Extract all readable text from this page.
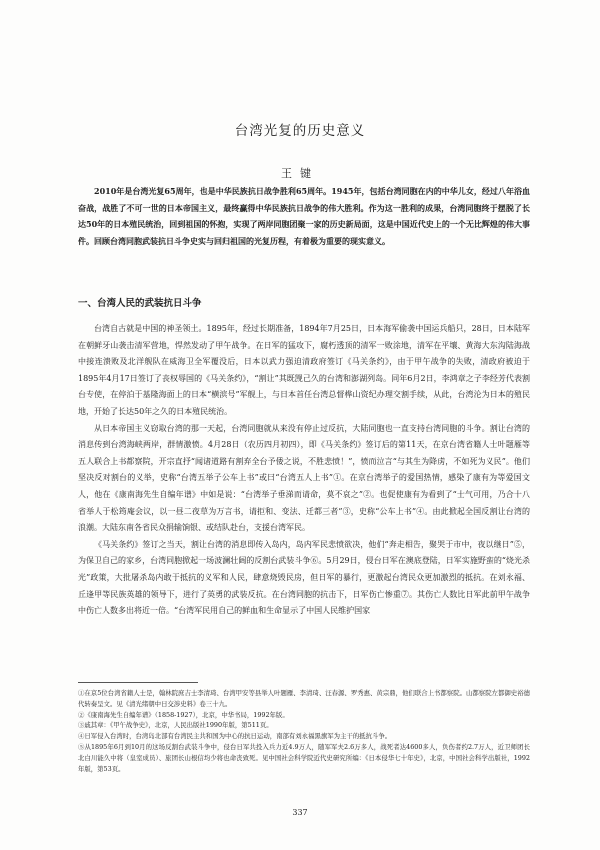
台湾光复的历史意义
王键

2010年是台湾光复65周年，也是中华民族抗日战争胜利65周年。1945年，包括台湾同胞在内的中华儿女，经过八年浴血奋战，战胜了不可一世的日本帝国主义，最终赢得中华民族抗日战争的伟大胜利。作为这一胜利的成果，台湾同胞终于摆脱了长达50年的日本殖民统治，回到祖国的怀抱，实现了两岸同胞团聚一家的历史新局面，这是中国近代史上的一个无比辉煌的伟大事件。回顾台湾同胞武装抗日斗争史实与回归祖国的光复历程，有着极为重要的现实意义。

一、台湾人民的武装抗日斗争

台湾自古就是中国的神圣领土。1895年，经过长期准备，1894年7月25日，日本海军偷袭中国运兵船只，28日，日本陆军在朝鲜牙山袭击清军营地，悍然发动了甲午战争。在日军的猛攻下，腐朽透顶的清军一败涂地，清军在平壤、黄海大东沟陆海战中接连溃败及北洋舰队在威海卫全军覆没后，日本以武力强迫清政府签订《马关条约》，由于甲午战争的失败，清政府被迫于1895年4月17日签订了丧权辱国的《马关条约》，“割让”其既觊己久的台湾和澎湖列岛。同年6月2日，李鸿章之子李经芳代表割台专使，在停泊于基隆海面上的日本“横滨号”军舰上，与日本首任台湾总督桦山资纪办理交割手续，从此，台湾沦为日本的殖民地，开始了长达50年之久的日本殖民统治。

从日本帝国主义窃取台湾的那一天起，台湾同胞就从来没有停止过反抗，大陆同胞也一直支持台湾同胞的斗争。割让台湾的消息传到台湾海峡两岸，群情激愤。4月28日（农历四月初四），即《马关条约》签订后的第11天，在京台湾省籍人士叶题雁等五人联合上书都察院，开宗直抒“闻诸道路有割弃全台予倭之说，不胜悲愤！”，愤而泣言“与其生为降虏，不如死为义民”。他们坚决反对割台的义举，史称“台湾五举子公车上书”或曰“台湾五人上书”①。在京台湾举子的爱国热情，感染了康有为等爱国文人，他在《康南海先生自编年谱》中如是说：“台湾举子垂涕而请命，莫不哀之”②。也促使康有为看到了“士气可用，乃合十八省举人于松筠庵会议，以一昼二夜草为万言书，请拒和、变法、迁都三者”③，史称“公车上书”④。由此掀起全国反割让台湾的浪潮。大陆东南各省民众捐输饷银、或结队赴台，支援台湾军民。

《马关条约》签订之当天，割让台湾的消息即传入岛内，岛内军民悲愤欲决，他们“奔走相告，聚哭于市中，夜以继日”⑤，为保卫自己的家乡，台湾同胞掀起一场波澜壮阔的反割台武装斗争⑥。5月29日，侵台日军在澳底登陆，日军实施野蛮的“烧光杀光”政策，大批屠杀岛内敢于抵抗的义军和人民，肆意烧毁民房，但日军的暴行，更激起台湾民众更加激烈的抵抗。在刘永福、丘逢甲等民族英雄的领导下，进行了英勇的武装反抗。在台湾同胞的抗击下，日军伤亡惨重⑦。其伤亡人数比日军此前甲午战争中伤亡人数多出将近一倍。“台湾军民用自己的鲜血和生命显示了中国人民维护国家

①在京5位台湾省籍人士是，翰林院庶吉士李清琦、台湾甲安等县举人叶题雁、李清琦、汪春源、罗秀惠、黄宗鼎，他们联合上书都察院。山都察院左都御史裕德代转奏呈文。见《清光绪朝中日交涉史料》卷三十九。

②《康南海先生自编年谱》（1858-1927），北京，中华书局，1992年版。

③戚其章：《甲午战争史》，北京，人民出版社1990年版，第511页。

④日军侵入台湾时，台湾岛北部有台湾民主共和国为中心的抗日运动，南部有刘永福黑旗军为主干的抵抗斗争。

⑤从1895年6月到10月的这场反割台武装斗争中，侵台日军共投入兵力近4.9万人，随军军夫2.6万多人，战死者达4600多人，负伤者约2.7万人，近卫师团长北白川能久中将（皇室成员）、旅团长山根信均少将也命丧致死。见中国社会科学院近代史研究所编：《日本侵华七十年史》，北京，中国社会科学出版社，1992年版，第53页。

337
